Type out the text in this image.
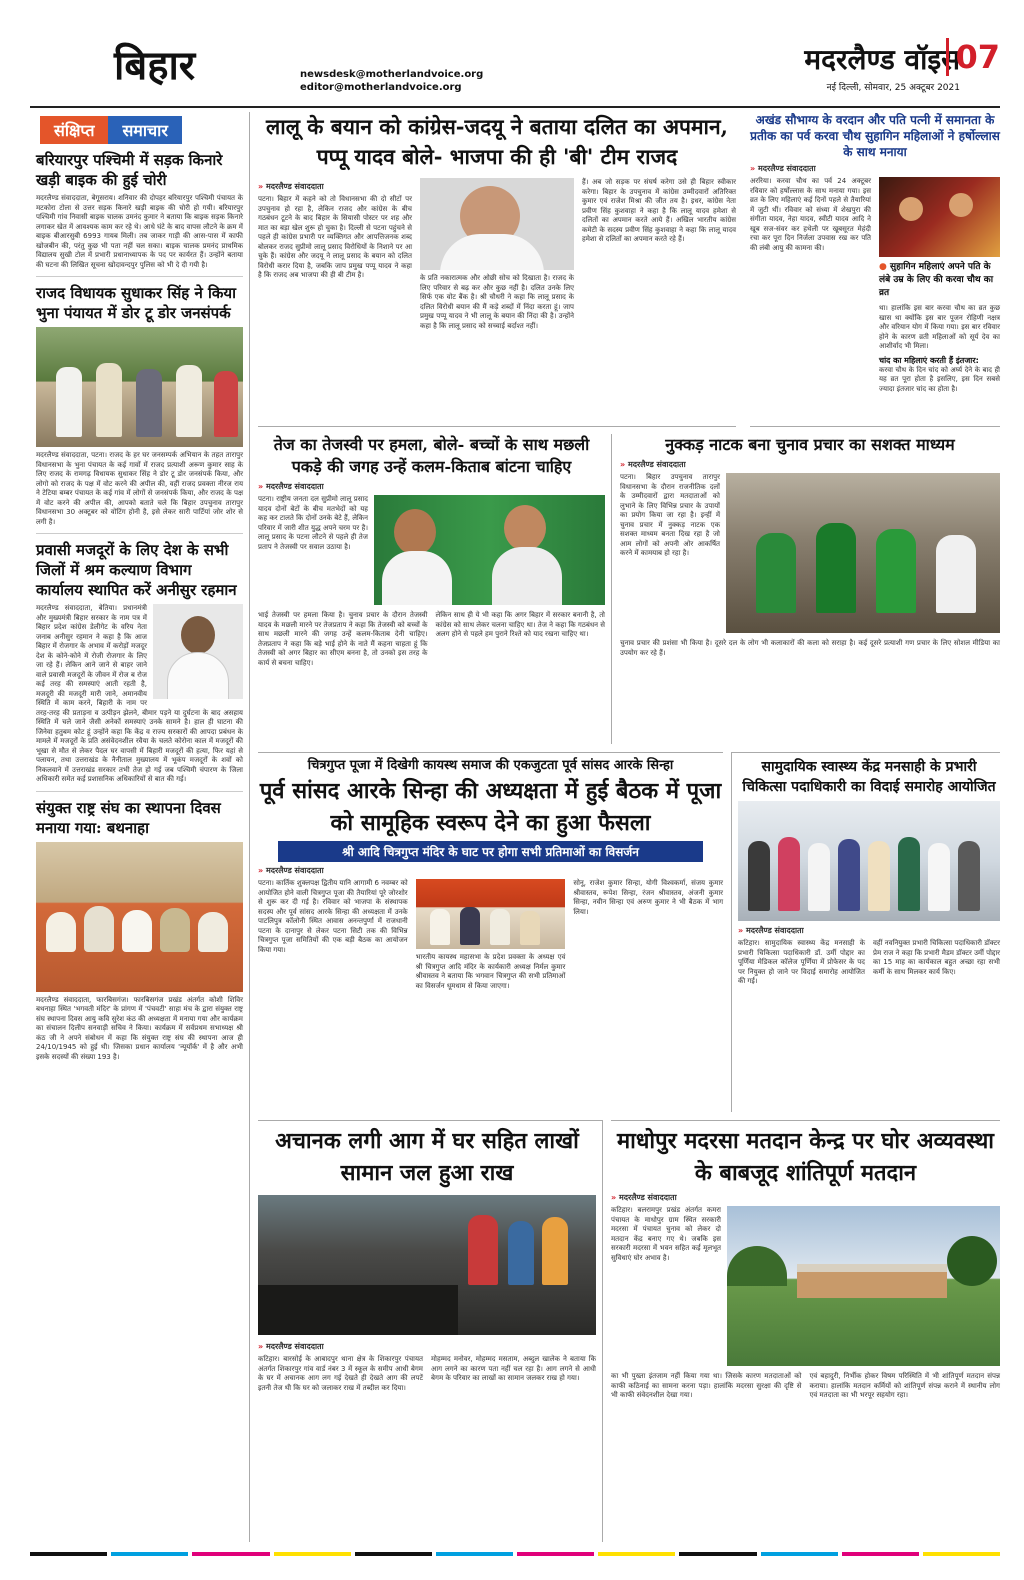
बिहार	newsdesk@motherlandvoice.org
editor@motherlandvoice.org
मदरलैण्ड वॉइस
07
नई दिल्ली, सोमवार, 25 अक्टूबर 2021
संक्षिप्त	समाचार
बरियारपुर पश्चिमी में सड़क किनारे खड़ी बाइक की हुई चोरी
मदरलैण्ड संवाददाता, बेगूसराय। शनिवार की दोपहर बरियारपुर पश्चिमी पंचायत के मटकोरा टोला से उत्तर सड़क किनारे खड़ी बाइक की चोरी हो गयी। बरियारपुर पश्चिमी गांव निवासी बाइक चालक उमनंद कुमार ने बताया कि बाइक सड़क किनारे लगाकर खेत में आवश्यक काम कर रहे थे। आधे घंटे के बाद वापस लौटने के क्रम में बाइक बीआरसुबी 6993 गायब मिली। तब जाकर गाड़ी की आस-पास में काफी खोजबीन की, परंतु कुछ भी पता नहीं चल सका। बाइक चालक प्रमनंद प्राथमिक विद्यालय सुखी टोल में प्रभारी प्रधानाध्यापक के पद पर कार्यरत हैं। उन्होंने बताया की घटना की लिखित सूचना खोदावन्दपुर पुलिस को भी दे दी गयी है।
राजद विधायक सुधाकर सिंह ने किया भुना पंयायत में डोर टू डोर जनसंपर्क
मदरलैण्ड संवाददाता, पटना। राजद के हर घर जनसम्पर्क अभियान के तहत तारापुर विधानसभा के भुना पंचायत के कई गावों में राजद प्रत्याशी अरूण कुमार साह के लिए राजद के रामगढ़ विधायक सुधाकर सिंह ने डोर टू डोर जनसंपर्क किया, और लोगो को राजद के पक्ष में वोट करने की अपील की, वहीं राजद प्रवक्ता नीरज राय ने टेटिया बम्बर पंचायत के कई गांव में लोगों से जनसंपर्क किया, और राजद के पक्ष में वोट करने की अपील की, आपको बताते चले कि बिहार उपचुनाव तारापुर विधानसभा 30 अक्टूबर को वोटिंग होनी है, इसे लेकर सारी पार्टियां जोर शोर से लगी है।
प्रवासी मजदूरों के लिए देश के सभी जिलों में श्रम कल्याण विभाग कार्यालय स्थापित करें अनीसुर रहमान
मदरलैण्ड संवाददाता, बेतिया। प्रधानमंत्री और मुख्यमंत्री बिहार सरकार के नाम पत्र में बिहार प्रदेश कांग्रेस डेलीगेट के वरिय नेता जनाब अनीसुर रहमान ने कहा है कि आज बिहार में रोजगार के अभाव में करोड़ों मजदूर देश के कोने-कोने में रोजी रोजगार के लिए जा रहे हैं। लेकिन आने जाने से बाहर जाने वाले प्रवासी मजदूरों के जीवन में रोज ब रोज कई तरह की समस्याएं आती रहती है, मजदूरी की मजदूरी मारी जाने, अमानवीय स्थिति में काम करने, बिहारी के नाम पर तरह-तरह की प्रताड़ना व उत्पीड़न झेलने, बीमार पड़ने या दुर्घटना के बाद असहाय स्थिति में चले जाने जैसी अनेकों समस्याएं उनके सामने है। हाल ही घाटना की जिनेवा हतुबम कोट हूं उन्होंने कहा कि केंद्र व राज्य सरकारों की आपदा प्रबंधन के मामले में मजदूरों के प्रति असंवेदनशील रवैया के चलते कोरोना काल में मजदूरों की भूखा से मौत से लेकर पैदल घर वापसी में बिहारी मजदूरों की हत्या, फिर यहां से पलायन, तथा उत्तराखंड के नैनीताल मुख्यालय में भूकंप मजदूरों के शवों को निकलवाने में उत्तराखंड सरकार तभी तेज हो गई जब पश्चिमी चंपारण के जिला अधिकारी समेत कई प्रशासनिक अधिकारियों से बात की गई।
संयुक्त राष्ट्र संघ का स्थापना दिवस मनाया गया: बथनाहा
मदरलैण्ड संवाददाता, फारबिसगंज। फारबिसगंज प्रखंड अंतर्गत कोशी शिविर बथनाहा स्थित 'भगवती मंदिर' के प्रांगण में 'पंचवटी' साहा मंच के द्वारा संयुक्त राष्ट्र संघ स्थापना दिवस आयु कवि सुरेश कंठ की अध्यक्षता में मनाया गया और कार्यक्रम का संचालन दिलीप सनवाड़ी सचिव ने किया। कार्यक्रम में सर्वप्रथम सभाध्यक्ष श्री कंठ जी ने अपने संबोधन में कहा कि संयुक्त राष्ट्र संघ की स्थापना आज ही 24/10/1945 को हुई थी। जिसका प्रधान कार्यालय 'न्यूयॉर्क' में है और अभी इसके सदस्यों की संख्या 193 है।
लालू के बयान को कांग्रेस-जदयू ने बताया दलित का अपमान, पप्पू यादव बोले- भाजपा की ही 'बी' टीम राजद
» मदरलैण्ड संवाददाता
पटना। बिहार में कहने को तो विधानसभा की दो सीटों पर उपचुनाव हो रहा है, लेकिन राजद और कांग्रेस के बीच गठबंधन टूटने के बाद बिहार के सियासी पोस्टर पर शह और मात का बड़ा खेल शुरू हो चुका है। दिल्ली से पटना पहुंचने से पहले ही कांग्रेस प्रभारी पर व्यक्तिगत और आपत्तिजनक शब्द बोलकर राजद सुप्रीमो लालू प्रसाद विरोधियों के निशाने पर आ चुके हैं। कांग्रेस और जदयू ने लालू प्रसाद के बयान को दलित विरोधी करार दिया है, जबकि जाप प्रमुख पप्पू यादव ने कहा है कि राजद अब भाजपा की ही बी टीम है।	के प्रति नकारात्मक और ओछी सोच को दिखाता है। राजद के लिए परिवार से बढ़ कर और कुछ नहीं है। दलित उनके लिए सिर्फ एक वोट बैंक है। श्री चौधरी ने कहा कि लालू प्रसाद के दलित विरोधी बयान की मैं कड़े शब्दों में निंदा करता हूं। जाप प्रमुख पप्पू यादव ने भी लालू के बयान की निंदा की है। उन्होंने कहा है कि लालू प्रसाद को सच्चाई बर्दाश्त नहीं।
हैं। अब जो सड़क पर संघर्ष करेगा उसे ही बिहार स्वीकार करेगा। बिहार के उपचुनाव में कांग्रेस उम्मीदवारों अतिरिक्त कुमार एवं राजेश मिश्रा की जीत तय है। इधर, कांग्रेस नेता प्रवीण सिंह कुशवाहा ने कहा है कि लालू यादव हमेशा से दलितों का अपमान करते आये हैं। अखिल भारतीय कांग्रेस कमेटी के सदस्य प्रवीण सिंह कुशवाहा ने कहा कि लालू यादव हमेशा से दलितों का अपमान करते रहे हैं।
अखंड सौभाग्य के वरदान और पति पत्नी में समानता के प्रतीक का पर्व करवा चौथ सुहागिन महिलाओं ने हर्षोल्लास के साथ मनाया
» मदरलैण्ड संवाददाता
अररिया। करवा चौथ का पर्व 24 अक्टूबर रविवार को हर्षोल्लास के साथ मनाया गया। इस व्रत के लिए महिलाएं कई दिनों पहले से तैयारियां में जुटी थीं। रविवार को संध्या में शेखपुरा की संगीता यादव, नेहा यादव, स्वीटी यादव आदि ने खूब सज-संवर कर हथेली पर खूबसूरत मेहंदी रचा कर पूरा दिन निर्जला उपवास रख कर पति की लंबी आयु की कामना की।
● सुहागिन महिलाएं अपने पति के लंबे उम्र के लिए की करवा चौथ का व्रत
था। हालांकि इस बार करवा चौथ का व्रत कुछ खास था क्योंकि इस बार पूजन रोहिणी नक्षत्र और वरियान योग में किया गया। इस बार रविवार होने के कारण व्रती महिलाओं को सूर्य देव का आशीर्वाद भी मिला।
चांद का महिलाएं करती हैं इंतजार:
करवा चौथ के दिन चांद को अर्घ्य देने के बाद ही यह व्रत पूरा होता है इसलिए, इस दिन सबसे ज्यादा इंतजार चांद का होता है।
तेज का तेजस्वी पर हमला, बोले- बच्चों के साथ मछली पकड़े की जगह उन्हें कलम-किताब बांटना चाहिए
» मदरलैण्ड संवाददाता
पटना। राष्ट्रीय जनता दल सुप्रीमो लालू प्रसाद यादव दोनों बेटों के बीच मतभेदों को यह कह कर टालते कि दोनों उनके बेटे हैं, लेकिन परिवार में जारी शीत युद्ध अपने चरम पर है। लालू प्रसाद के पटना लौटने से पहले ही तेज प्रताप ने तेजस्वी पर सवाल उठाया है।
भाई तेजस्वी पर हमला किया है। चुनाव प्रचार के दौरान तेजस्वी यादव के मछली मारने पर तेजप्रताप ने कहा कि तेजस्वी को बच्चों के साथ मछली मारने की जगह उन्हें कलम-किताब देनी चाहिए। तेजप्रताप ने कहा कि बड़े भाई होने के नाते मैं कहना चाहता हूं कि तेजस्वी को अगर बिहार का सीएम बनना है, तो उनको इस तरह के कार्य से बचना चाहिए।
लेकिन साथ ही ये भी कहा कि अगर बिहार में सरकार बनानी है, तो कांग्रेस को साथ लेकर चलना चाहिए था। तेज ने कहा कि गठबंधन से अलग होने से पहले हम पुराने रिश्ते को याद रखना चाहिए था।
नुक्कड़ नाटक बना चुनाव प्रचार का सशक्त माध्यम
» मदरलैण्ड संवाददाता
पटना। बिहार उपचुनाव तारापुर विधानसभा के दौरान राजनीतिक दलों के उम्मीदवारों द्वारा मतदाताओं को लुभाने के लिए विभिन्न प्रचार के उपायों का प्रयोग किया जा रहा है। इन्हीं में चुनाव प्रचार में नुक्कड़ नाटक एक सशक्त माध्यम बनता दिख रहा है जो आम लोगों को अपनी ओर आकर्षित करने में कामयाब हो रहा है।
चुनाव प्रचार की प्रशंसा भी किया है। दूसरे दल के लोग भी कलाकारों की कला को सराहा है। कई दूसरे प्रत्याशी गण प्रचार के लिए सोशल मीडिया का उपयोग कर रहे हैं।
चित्रगुप्त पूजा में दिखेगी कायस्थ समाज की एकजुटता पूर्व सांसद आरके सिन्हा
पूर्व सांसद आरके सिन्हा की अध्यक्षता में हुई बैठक में पूजा को सामूहिक स्वरूप देने का हुआ फैसला
श्री आदि चित्रगुप्त मंदिर के घाट पर होगा सभी प्रतिमाओं का विसर्जन
» मदरलैण्ड संवाददाता
पटना। कार्तिक शुक्लपक्ष द्वितीय यानि आगामी 6 नवम्बर को आयोजित होने वाली चित्रगुप्त पूजा की तैयारियां पूरे जोरशोर से शुरू कर दी गई है। रविवार को भाजपा के संस्थापक सदस्य और पूर्व सांसद आरके सिन्हा की अध्यक्षता में उनके पाटलिपुत्र कॉलोनी स्थित आवास अनन्तपुर्णा में राजधानी पटना के दानापुर से लेकर पटना सिटी तक की विभिन्न चित्रगुप्त पूजा समितियों की एक बड़ी बैठक का आयोजन किया गया।
भारतीय कायस्थ महासभा के प्रदेश प्रवक्ता के अध्यक्ष एवं श्री चित्रगुप्त आदि मंदिर के कार्यकारी अध्यक्ष निर्मल कुमार श्रीवास्तव ने बताया कि भगवान चित्रगुप्त की सभी प्रतिमाओं का विसर्जन धूमधाम से किया जाएगा।
सोनू, राजेश कुमार सिन्हा, योगी विश्वकर्मा, संजय कुमार श्रीवास्तव, रूपेश सिन्हा, रंजन श्रीवास्तव, अंजनी कुमार सिन्हा, नवीन सिन्हा एवं अरुण कुमार ने भी बैठक में भाग लिया।
सामुदायिक स्वास्थ्य केंद्र मनसाही के प्रभारी चिकित्सा पदाधिकारी का विदाई समारोह आयोजित
» मदरलैण्ड संवाददाता
कटिहार। सामुदायिक स्वास्थ्य केंद्र मनसाही के प्रभारी चिकित्सा पदाधिकारी डॉ. उर्मी पोद्दार का पूर्णिया मेडिकल कॉलेज पूर्णिया में प्रोफेसर के पद पर नियुक्त हो जाने पर विदाई समारोह आयोजित की गई।
वहीं नवनियुक्त प्रभारी चिकित्सा पदाधिकारी डॉक्टर प्रेम राज ने कहा कि प्रभारी मैडम डॉक्टर उर्मी पोद्दार का 15 माह का कार्यकाल बहुत अच्छा रहा सभी कर्मी के साथ मिलकर कार्य किए।
अचानक लगी आग में घर सहित लाखों सामान जल हुआ राख
» मदरलैण्ड संवाददाता
कटिहार। बारसोई के आबादपुर थाना क्षेत्र के शिकारपुर पंचायत अंतर्गत शिकारपुर गांव वार्ड नंबर 3 में स्कूल के समीप आधी बेगम के घर में अचानक आग लग गई देखते ही देखते आग की लपटें इतनी तेज थी कि घर को जलाकर राख में तब्दील कर दिया।
मोहम्मद मनोवर, मोहम्मद मसताम, अब्दुल खालेक ने बताया कि आग लगने का कारण पता नहीं चल रहा है। आग लगने से आधी बेगम के परिवार का लाखों का सामान जलकर राख हो गया।
माधोपुर मदरसा मतदान केन्द्र पर घोर अव्यवस्था के बाबजूद शांतिपूर्ण मतदान
» मदरलैण्ड संवाददाता
कटिहार। बलरामपुर प्रखंड अंतर्गत कमरा पंचायत के माधोपुर ग्राम स्थित सरकारी मदरसा में पंचायत चुनाव को लेकर दो मतदान केंद्र बनाए गए थे। जबकि इस सरकारी मदरसा में भवन सहित कई मूलभूत सुविधाएं घोर अभाव है।
का भी पुख्ता इंतजाम नहीं किया गया था। जिसके कारण मतदाताओं को काफी कठिनाई का सामना करना पड़ा। हालांकि मदरसा सुरक्षा की दृष्टि से भी काफी संवेदनशील देखा गया।
एवं बहादुरी, निर्भीक होकर विषम परिस्थिति में भी शांतिपूर्ण मतदान संपन्न कराया। हालांकि मतदान कर्मियों को शांतिपूर्ण संपन्न कराने में स्थानीय लोग एवं मतदाता का भी भरपूर सहयोग रहा।
